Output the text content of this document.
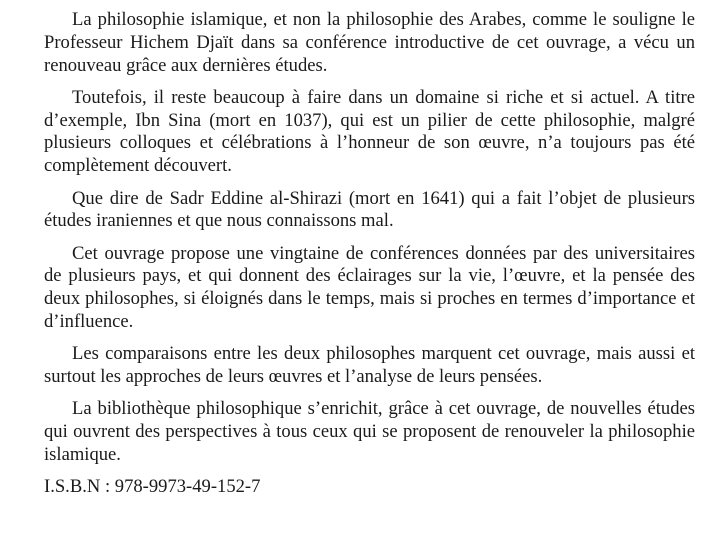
La philosophie islamique, et non la philosophie des Arabes, comme le souligne le Professeur Hichem Djaït dans sa conférence introductive de cet ouvrage, a vécu un renouveau grâce aux dernières études.

Toutefois, il reste beaucoup à faire dans un domaine si riche et si actuel. A titre d’exemple, Ibn Sina (mort en 1037), qui est un pilier de cette philosophie, malgré plusieurs colloques et célébrations à l’honneur de son œuvre, n’a toujours pas été complètement découvert.

Que dire de Sadr Eddine al-Shirazi (mort en 1641) qui a fait l’objet de plusieurs études iraniennes et que nous connaissons mal.

Cet ouvrage propose une vingtaine de conférences données par des universitaires de plusieurs pays, et qui donnent des éclairages sur la vie, l’œuvre, et la pensée des deux philosophes, si éloignés dans le temps, mais si proches en termes d’importance et d’influence.

Les comparaisons entre les deux philosophes marquent cet ouvrage, mais aussi et surtout les approches de leurs œuvres et l’analyse de leurs pensées.

La bibliothèque philosophique s’enrichit, grâce à cet ouvrage, de nouvelles études qui ouvrent des perspectives à tous ceux qui se proposent de renouveler la philosophie islamique.

I.S.B.N : 978-9973-49-152-7
